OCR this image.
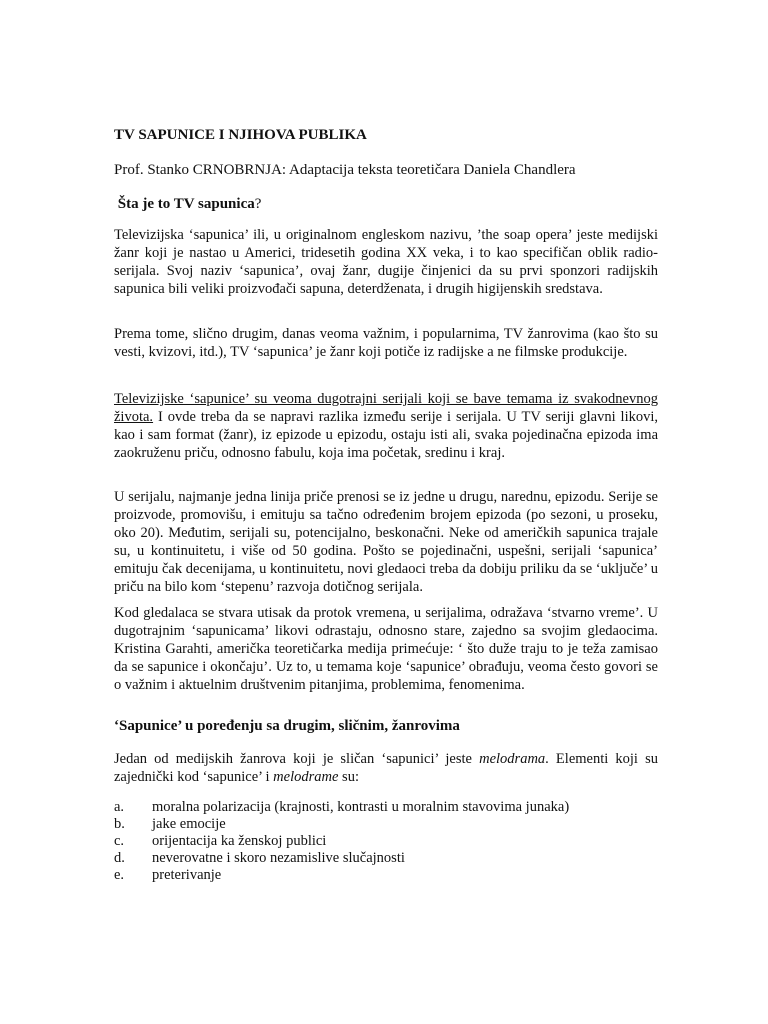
TV SAPUNICE I NJIHOVA PUBLIKA
Prof. Stanko CRNOBRNJA: Adaptacija teksta teoretičara Daniela Chandlera
Šta je to TV sapunica?

Televizijska ‘sapunica’ ili, u originalnom engleskom nazivu, ’the soap opera’ jeste medijski žanr koji je nastao u Americi, tridesetih godina XX veka, i to kao specifičan oblik radio-serijala. Svoj naziv ‘sapunica’, ovaj žanr, dugije činjenici da su prvi sponzori radijskih sapunica bili veliki proizvođači sapuna, deterdženata, i drugih higijenskih sredstava.

Prema tome, slično drugim, danas veoma važnim, i popularnima, TV žanrovima (kao što su vesti, kvizovi, itd.), TV ‘sapunica’ je žanr koji potiče iz radijske a ne filmske produkcije.

Televizijske ‘sapunice’ su veoma dugotrajni serijali koji se bave temama iz svakodnevnog života. I ovde treba da se napravi razlika između serije i serijala. U TV seriji glavni likovi, kao i sam format (žanr), iz epizode u epizodu, ostaju isti ali, svaka pojedinačna epizoda ima zaokruženu priču, odnosno fabulu, koja ima početak, sredinu i kraj.

U serijalu, najmanje jedna linija priče prenosi se iz jedne u drugu, narednu, epizodu. Serije se proizvode, promovišu, i emituju sa tačno određenim brojem epizoda (po sezoni, u proseku, oko 20). Međutim, serijali su, potencijalno, beskonačni. Neke od američkih sapunica trajale su, u kontinuitetu, i više od 50 godina. Pošto se pojedinačni, uspešni, serijali ‘sapunica’ emituju čak decenijama, u kontinuitetu, novi gledaoci treba da dobiju priliku da se ‘uključe’ u priču na bilo kom ‘stepenu’ razvoja dotičnog serijala.

Kod gledalaca se stvara utisak da protok vremena, u serijalima, odražava ‘stvarno vreme’. U dugotrajnim ‘sapunicama’ likovi odrastaju, odnosno stare, zajedno sa svojim gledaocima. Kristina Garahti, američka teoretičarka medija primećuje: ‘ što duže traju to je teža zamisao da se sapunice i okončaju’. Uz to, u temama koje ‘sapunice’ obrađuju, veoma često govori se o važnim i aktuelnim društvenim pitanjima, problemima, fenomenima.

‘Sapunice’ u poređenju sa drugim, sličnim, žanrovima

Jedan od medijskih žanrova koji je sličan ‘sapunici’ jeste melodrama. Elementi koji su zajednički kod ‘sapunice’ i melodrame su:

a.	moralna polarizacija (krajnosti, kontrasti u moralnim stavovima junaka)
b.	jake emocije
c.	orijentacija ka ženskoj publici
d.	neverovatne i skoro nezamislive slučajnosti
e.	preterivanje
